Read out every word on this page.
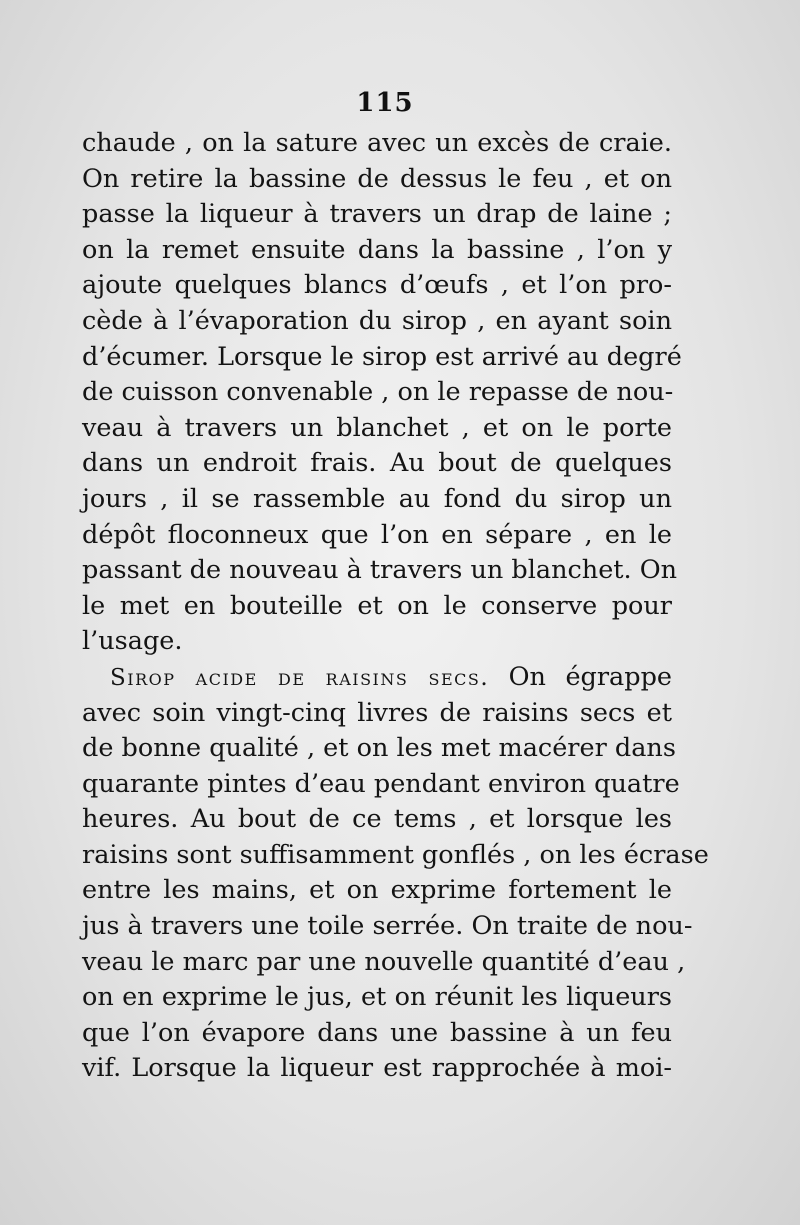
115
chaude , on la sature avec un excès de craie.
On retire la bassine de dessus le feu , et on
passe la liqueur à travers un drap de laine ;
on la remet ensuite dans la bassine , l’on y
ajoute quelques blancs d’œufs , et l’on pro-
cède à l’évaporation du sirop , en ayant soin
d’écumer. Lorsque le sirop est arrivé au degré
de cuisson convenable , on le repasse de nou-
veau à travers un blanchet , et on le porte
dans un endroit frais. Au bout de quelques
jours , il se rassemble au fond du sirop un
dépôt floconneux que l’on en sépare , en le
passant de nouveau à travers un blanchet. On
le met en bouteille et on le conserve pour
l’usage.
Sirop acide de raisins secs. On égrappe
avec soin vingt-cinq livres de raisins secs et
de bonne qualité , et on les met macérer dans
quarante pintes d’eau pendant environ quatre
heures. Au bout de ce tems , et lorsque les
raisins sont suffisamment gonflés , on les écrase
entre les mains, et on exprime fortement le
jus à travers une toile serrée. On traite de nou-
veau le marc par une nouvelle quantité d’eau ,
on en exprime le jus, et on réunit les liqueurs
que l’on évapore dans une bassine à un feu
vif. Lorsque la liqueur est rapprochée à moi-
